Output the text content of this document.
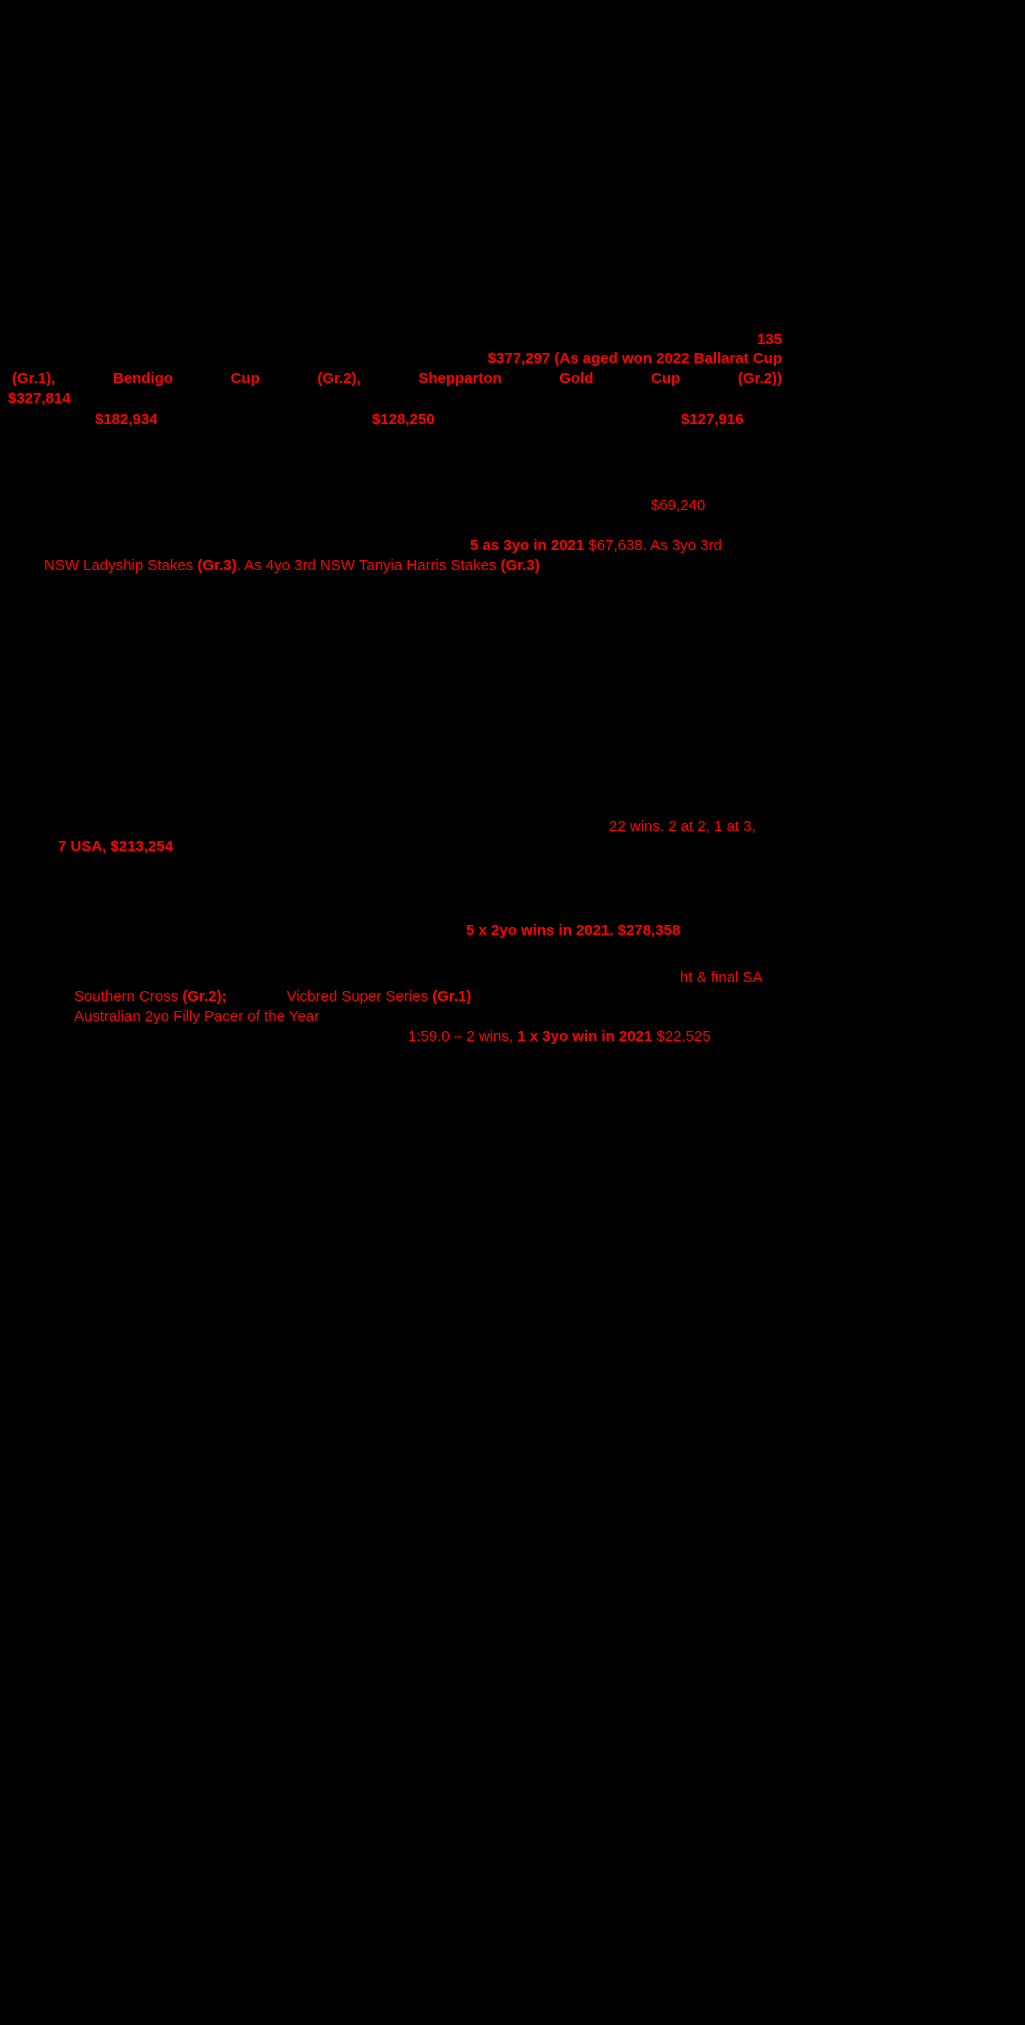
135
$377,297 (As aged won 2022 Ballarat Cup
(Gr.1), Bendigo Cup (Gr.2), Shepparton Gold Cup (Gr.2))
$327,814
$182,934	$128,250	$127,916
$69,240
5 as 3yo in 2021 $67,638. As 3yo 3rd
NSW Ladyship Stakes (Gr.3). As 4yo 3rd NSW Tanyia Harris Stakes (Gr.3)
22 wins. 2 at 2, 1 at 3,
7 USA, $213,254
5 x 2yo wins in 2021. $278,358
ht & final SA
Southern Cross (Gr.2);	Vicbred Super Series (Gr.1)
Australian 2yo Filly Pacer of the Year
1:59.0 – 2 wins, 1 x 3yo win in 2021 $22,525
